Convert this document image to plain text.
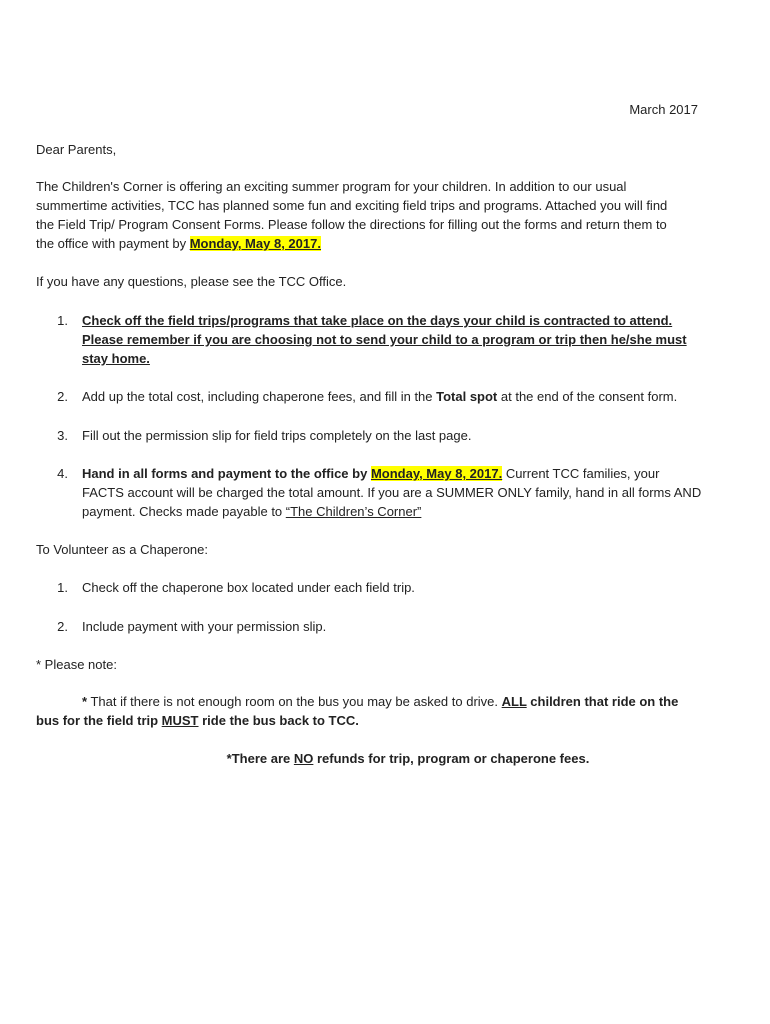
March 2017
Dear Parents,
The Children's Corner is offering an exciting summer program for your children. In addition to our usual
summertime activities, TCC has planned some fun and exciting field trips and programs. Attached you will find
the Field Trip/ Program Consent Forms. Please follow the directions for filling out the forms and return them to
the office with payment by Monday, May 8, 2017.
If you have any questions, please see the TCC Office.
1. Check off the field trips/programs that take place on the days your child is contracted to attend.
Please remember if you are choosing not to send your child to a program or trip then he/she must
stay home.
2. Add up the total cost, including chaperone fees, and fill in the Total spot at the end of the consent form.
3. Fill out the permission slip for field trips completely on the last page.
4. Hand in all forms and payment to the office by Monday, May 8, 2017. Current TCC families, your
FACTS account will be charged the total amount. If you are a SUMMER ONLY family, hand in all forms AND
payment. Checks made payable to “The Children’s Corner”
To Volunteer as a Chaperone:
1. Check off the chaperone box located under each field trip.
2. Include payment with your permission slip.
* Please note:
* That if there is not enough room on the bus you may be asked to drive. ALL children that ride on the
bus for the field trip MUST ride the bus back to TCC.
*There are NO refunds for trip, program or chaperone fees.
